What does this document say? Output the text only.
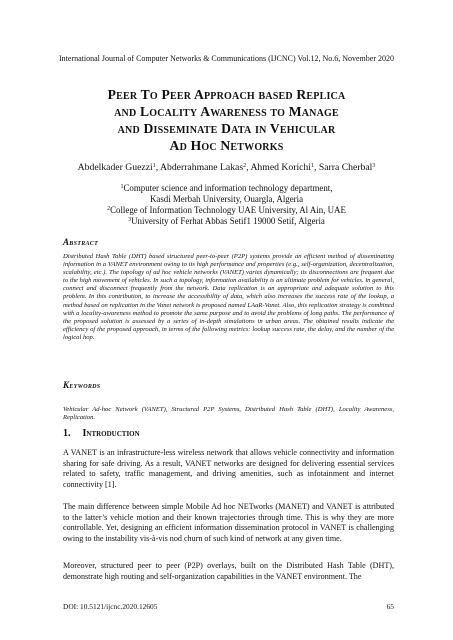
International Journal of Computer Networks & Communications (IJCNC) Vol.12, No.6, November 2020
Peer To Peer Approach based Replica
and Locality Awareness to Manage
and Disseminate Data in Vehicular
Ad Hoc Networks
Abdelkader Guezzi$^1$, Abderrahmane Lakas$^2$, Ahmed Korichi$^1$, Sarra Cherbal$^3$
$^1$Computer science and information technology department,
Kasdi Merbah University, Ouargla, Algeria
$^2$College of Information Technology UAE University, Al Ain, UAE
$^3$University of Ferhat Abbas Setif1 19000 Setif, Algeria
Abstract

Distributed Hash Table (DHT) based structured peer-to-peer (P2P) systems provide an efficient method of disseminating information in a VANET environment owing to its high performance and properties (e.g., self-organization, decentralization, scalability, etc.). The topology of ad hoc vehicle networks (VANET) varies dynamically; its disconnections are frequent due to the high movement of vehicles. In such a topology, information availability is an ultimate problem for vehicles. in general, connect and disconnect frequently from the network. Data replication is an appropriate and adequate solution to this problem. In this contribution, to increase the accessibility of data, which also increases the success rate of the lookup, a method based on replication in the Vanet network is proposed named LAaR-Vanet. Also, this replication strategy is combined with a locality-awareness method to promote the same purpose and to avoid the problems of long paths. The performance of the proposed solution is assessed by a series of in-depth simulations in urban areas. The obtained results indicate the efficiency of the proposed approach, in terms of the following metrics: lookup success rate, the delay, and the number of the logical hop.

Keywords

Vehicular Ad-hoc Network (VANET), Structured P2P Systems, Distributed Hash Table (DHT), Locality Awareness, Replication.

1. Introduction

A VANET is an infrastructure-less wireless network that allows vehicle connectivity and information sharing for safe driving. As a result, VANET networks are designed for delivering essential services related to safety, traffic management, and driving amenities, such as infotainment and internet connectivity [1].

The main difference between simple Mobile Ad hoc NETworks (MANET) and VANET is attributed to the latter’s vehicle motion and their known trajectories through time. This is why they are more controllable. Yet, designing an efficient information dissemination protocol in VANET is challenging owing to the instability vis-à-vis nod churn of such kind of network at any given time.

Moreover, structured peer to peer (P2P) overlays, built on the Distributed Hash Table (DHT), demonstrate high routing and self-organization capabilities in the VANET environment. The

DOI: 10.5121/ijcnc.2020.12605	65
